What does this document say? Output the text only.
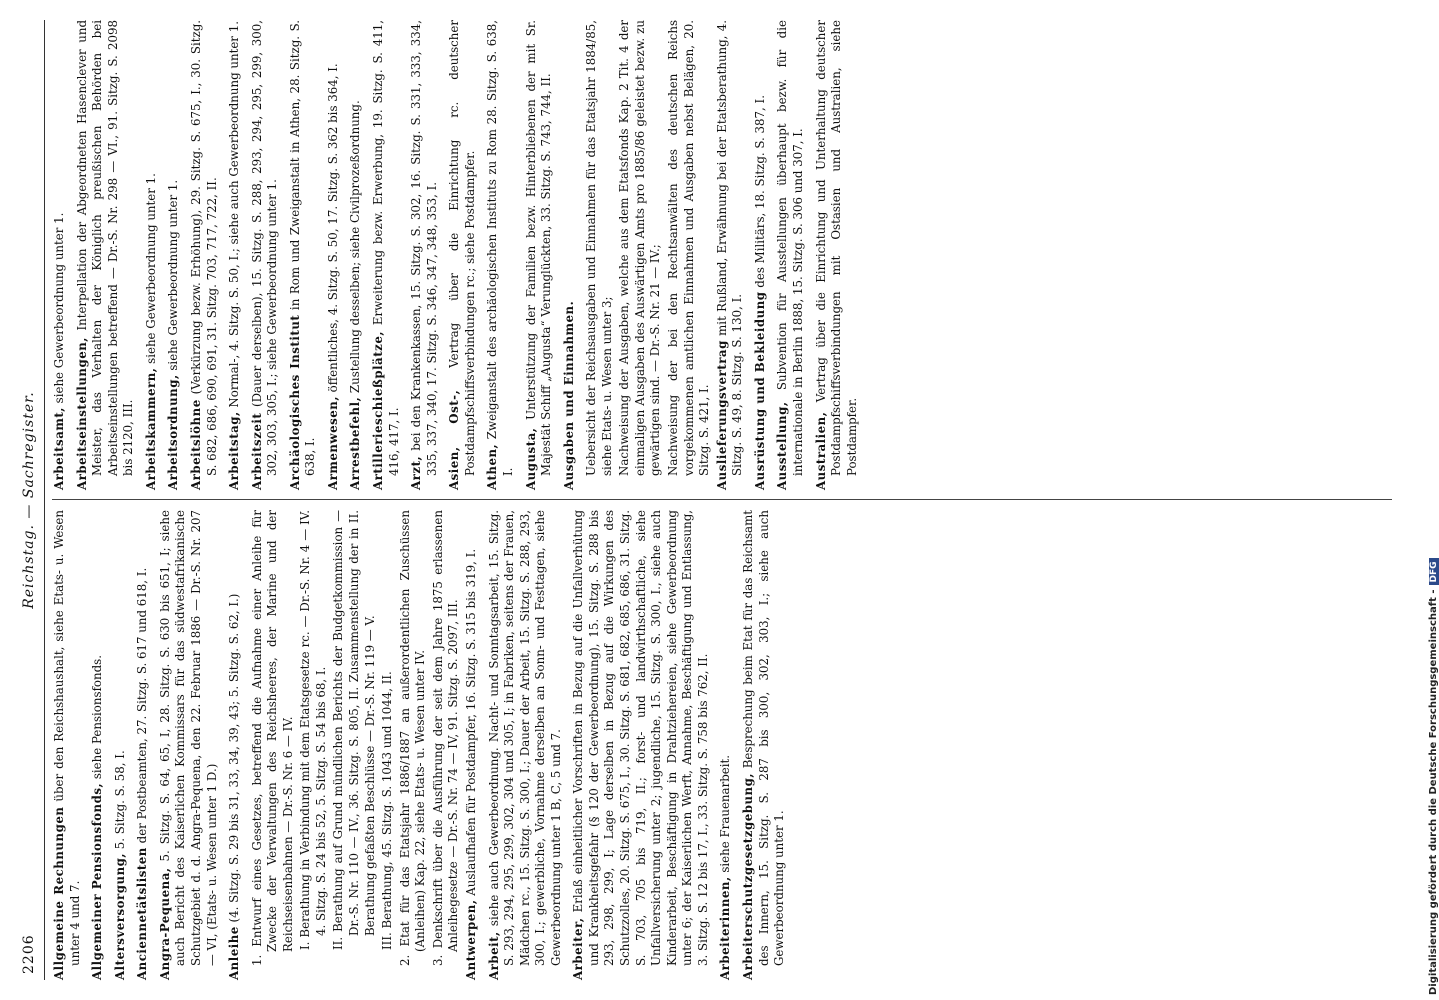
2206
Reichstag. — Sachregister.

Allgemeine Rechnungen über den Reichshaushalt, siehe Etats- u. Wesen unter 4 und 7. Allgemeiner Pensionsfonds, siehe Pensionsfonds.

Altersversorgung, 5. Sitzg. S. 58, I.

Anciennetätslisten der Postbeamten, 27. Sitzg. S. 617 und 618, I.

Angra-Pequena, 5. Sitzg. S. 64, 65, I, 28. Sitzg. S. 630 bis 651, I; siehe auch Bericht des Kaiserlichen Kommissars für das südwestafrikanische Schutzgebiet d. d. Angra-Pequena, den 22. Februar 1886 — Dr.-S. Nr. 207 — VI, (Etats- u. Wesen unter 1 D.) Anleihe (4. Sitzg. S. 29 bis 31, 33, 34, 39, 43; 5. Sitzg. S. 62, I.) 1. Entwurf eines Gesetzes, betreffend die Aufnahme einer Anleihe für Zwecke der Verwaltungen des Reichsheeres, der Marine und der Reichseisenbahnen — Dr.-S. Nr. 6 — IV. I. Berathung in Verbindung mit dem Etatsgesetze rc. — Dr.-S. Nr. 4 — IV. 4. Sitzg. S. 24 bis 52, 5. Sitzg. S. 54 bis 68, I. II. Berathung auf Grund mündlichen Berichts der Budgetkommission — Dr.-S. Nr. 110 — IV., 36. Sitzg. S. 805, II. Zusammenstellung der in II. Berathung gefaßten Beschlüsse — Dr.-S. Nr. 119 — V. III. Berathung, 45. Sitzg. S. 1043 und 1044, II. 2. Etat für das Etatsjahr 1886/1887 an außerordentlichen Zuschüssen (Anleihen) Kap. 22, siehe Etats- u. Wesen unter IV. 3. Denkschrift über die Ausführung der seit dem Jahre 1875 erlassenen Anleihegesetze — Dr.-S. Nr. 74 — IV, 91. Sitzg. S. 2097, III. Antwerpen, Auslaufhafen für Postdampfer, 16. Sitzg. S. 315 bis 319, I.

Arbeit, siehe auch Gewerbeordnung. Nacht- und Sonntagsarbeit, 15. Sitzg. S. 293, 294, 295, 299, 302, 304 und 305, I; in Fabriken, seitens der Frauen, Mädchen rc., 15. Sitzg. S. 300, I.; Dauer der Arbeit, 15. Sitzg. S. 288, 293, 300, I.; gewerbliche, Vornahme derselben an Sonn- und Festtagen, siehe Gewerbeordnung unter 1 B, C, 5 und 7. Arbeiter, Erlaß einheitlicher Vorschriften in Bezug auf die Unfallverhütung und Krankheitsgefahr (§ 120 der Gewerbeordnung), 15. Sitzg. S. 288 bis 293, 298, 299, I; Lage derselben in Bezug auf die Wirkungen des Schutzzolles, 20. Sitzg. S. 675, I., 30. Sitzg. S. 681, 682, 685, 686, 31. Sitzg. S. 703, 705 bis 719, II.; forst- und landwirthschaftliche, siehe Unfallversicherung unter 2; jugendliche, 15. Sitzg. S. 300, I., siehe auch Kinderarbeit, Beschäftigung in Drahtziehereien, siehe Gewerbeordnung unter 6; der Kaiserlichen Werft, Annahme, Beschäftigung und Entlassung, 3. Sitzg. S. 12 bis 17, I., 33. Sitzg. S. 758 bis 762, II. Arbeiterinnen, siehe Frauenarbeit. Arbeiterschutzgesetzgebung, Besprechung beim Etat für das Reichsamt des Innern, 15. Sitzg. S. 287 bis 300, 302, 303, I.; siehe auch Gewerbeordnung unter 1.

Arbeitsamt, siehe Gewerbeordnung unter 1.

Arbeitseinstellungen, Interpellation der Abgeordneten Hasenclever und Meister, das Verhalten der Königlich preußischen Behörden bei Arbeitseinstellungen betreffend — Dr.-S. Nr. 298 — VI., 91. Sitzg. S. 2098 bis 2120, III. Arbeitskammern, siehe Gewerbeordnung unter 1.

Arbeitsordnung, siehe Gewerbeordnung unter 1.

Arbeitslöhne (Verkürzung bezw. Erhöhung), 29. Sitzg. S. 675, I., 30. Sitzg. S. 682, 686, 690, 691, 31. Sitzg. 703, 717, 722, II. Arbeitstag, Normal-, 4. Sitzg. S. 50, I.; siehe auch Gewerbeordnung unter 1.

Arbeitszeit (Dauer derselben), 15. Sitzg. S. 288, 293, 294, 295, 299, 300, 302, 303, 305, I.; siehe Gewerbeordnung unter 1. Archäologisches Institut in Rom und Zweiganstalt in Athen, 28. Sitzg. S. 638, I. Armenwesen, öffentliches, 4. Sitzg. S. 50, 17. Sitzg. S. 362 bis 364, I.

Arrestbefehl, Zustellung desselben; siehe Civilprozeßordnung.

Artillerieschießplätze, Erweiterung bezw. Erwerbung, 19. Sitzg. S. 411, 416, 417, I. Arzt, bei den Krankenkassen, 15. Sitzg. S. 302, 16. Sitzg. S. 331, 333, 334, 335, 337, 340, 17. Sitzg. S. 346, 347, 348, 353, I. Asien, Ost-, Vertrag über die Einrichtung rc. deutscher Postdampfschiffsverbindungen rc.; siehe Postdampfer. Athen, Zweiganstalt des archäologischen Instituts zu Rom 28. Sitzg. S. 638, I. Augusta, Unterstützung der Familien bezw. Hinterbliebenen der mit Sr. Majestät Schiff „Augusta“ Verunglückten, 33. Sitzg. S. 743, 744, II. Ausgaben und Einnahmen. Uebersicht der Reichsausgaben und Einnahmen für das Etatsjahr 1884/85, siehe Etats- u. Wesen unter 3; Nachweisung der Ausgaben, welche aus dem Etatsfonds Kap. 2 Tit. 4 der einmaligen Ausgaben des Auswärtigen Amts pro 1885/86 geleistet bezw. zu gewärtigen sind. — Dr.-S. Nr. 21 — IV.; Nachweisung der bei den Rechtsanwälten des deutschen Reichs vorgekommenen amtlichen Einnahmen und Ausgaben nebst Belägen, 20. Sitzg. S. 421, I. Auslieferungsvertrag mit Rußland, Erwähnung bei der Etatsberathung, 4. Sitzg. S. 49, 8. Sitzg. S. 130, I. Ausrüstung und Bekleidung des Militärs, 18. Sitzg. S. 387, I.

Ausstellung, Subvention für Ausstellungen überhaupt bezw. für die internationale in Berlin 1888, 15. Sitzg. S. 306 und 307, I. Australien, Vertrag über die Einrichtung und Unterhaltung deutscher Postdampfschiffsverbindungen mit Ostasien und Australien, siehe Postdampfer.

Digitalisierung gefördert durch die Deutsche Forschungsgemeinschaft -DFG
